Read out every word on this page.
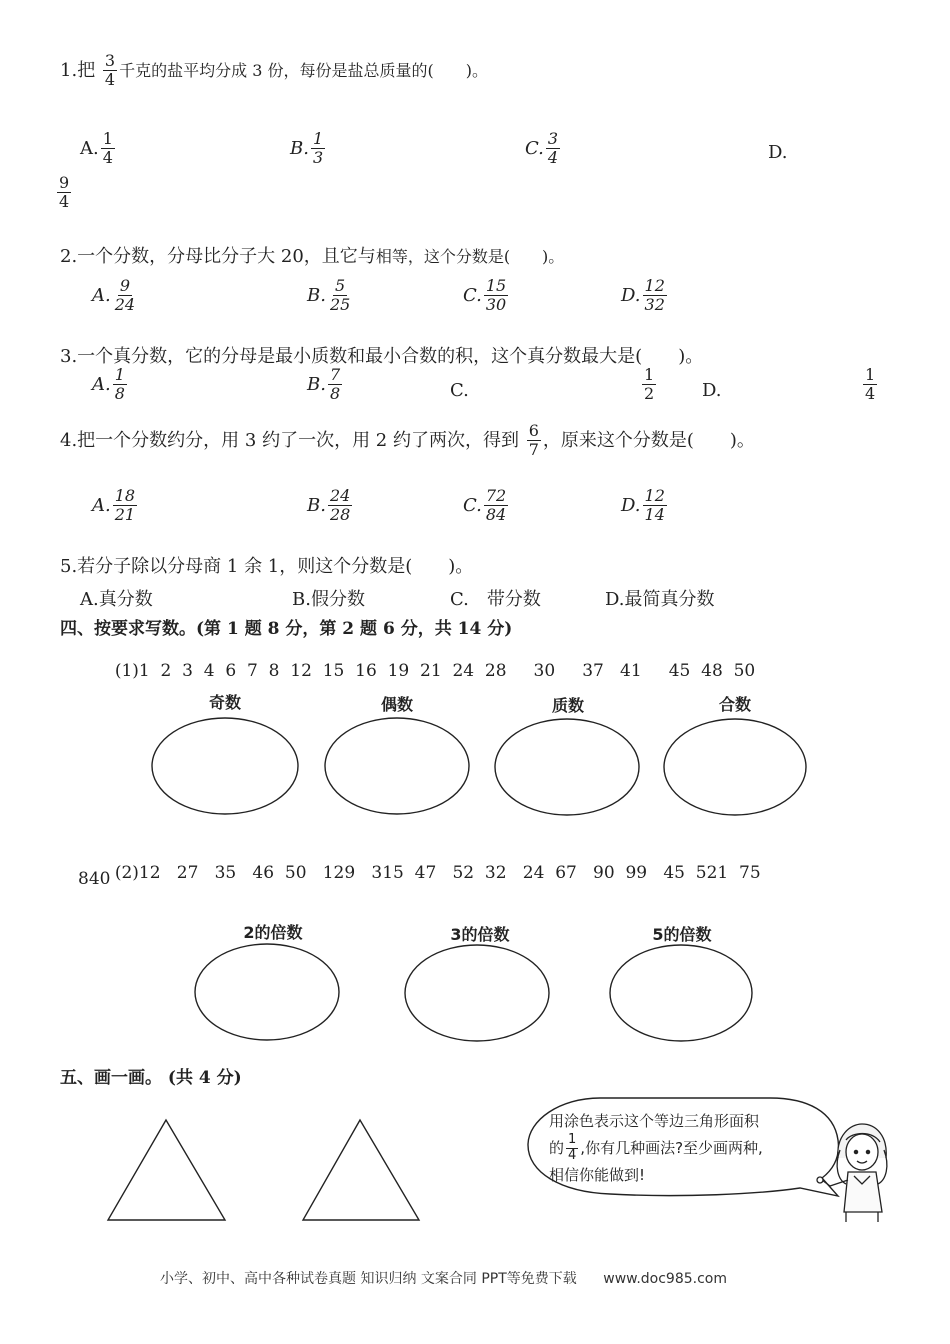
1.把 $\frac{3}{4}$ 千克的盐平均分成 3 份，每份是盐总质量的(　　)。
A. $\frac{1}{4}$	B. $\frac{1}{3}$	C. $\frac{3}{4}$	D.
$\frac{9}{4}$
2.一个分数，分母比分子大 20，且它与相等，这个分数是(　　)。
A. $\frac{9}{24}$	B. $\frac{5}{25}$	C. $\frac{15}{30}$	D. $\frac{12}{32}$
3.一个真分数，它的分母是最小质数和最小合数的积，这个真分数最大是(　　)。
A. $\frac{1}{8}$	B. $\frac{7}{8}$	C.	$\frac{1}{2}$	D.	$\frac{1}{4}$
4.把一个分数约分，用 3 约了一次，用 2 约了两次，得到 $\frac{6}{7}$ ，原来这个分数是(　　)。
A. $\frac{18}{21}$	B. $\frac{24}{28}$	C. $\frac{72}{84}$	D. $\frac{12}{14}$
5.若分子除以分母商 1 余 1，则这个分数是(　　)。
A.真分数	B.假分数	C.　带分数	D.最简真分数
四、按要求写数。(第 1 题 8 分，第 2 题 6 分，共 14 分)

(1)1  2  3  4  6  7  8  12  15  16  19  21  24  28     30     37   41     45  48  50

奇数	偶数	质数	合数

(2)12   27   35   46  50   129   315  47   52  32   24  67   90  99   45  521  75

840
2的倍数	3的倍数	5的倍数
五、画一画。 (共 4 分)
用涂色表示这个等边三角形面积
的 $\frac{1}{4}$ ,你有几种画法?至少画两种,
相信你能做到!
小学、初中、高中各种试卷真题 知识归纳 文案合同 PPT等免费下载 www.doc985.com
